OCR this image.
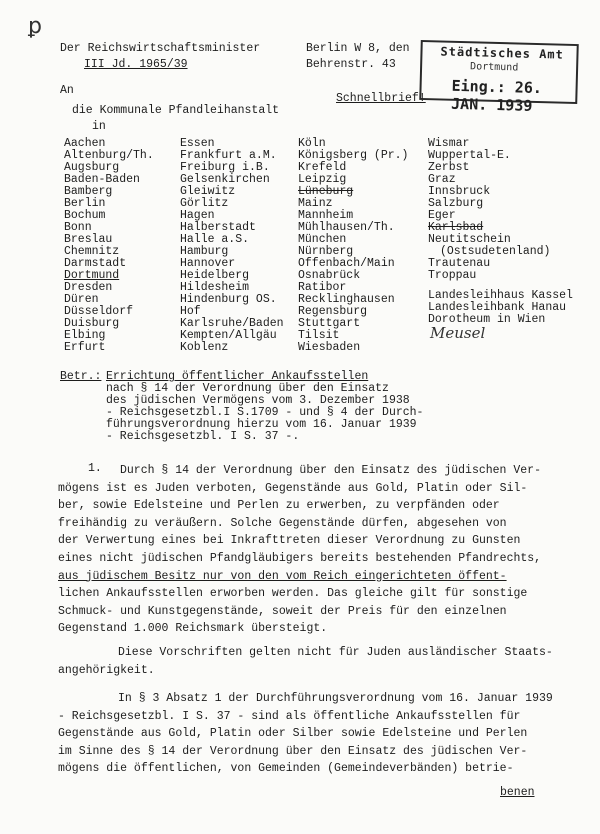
ꝑ
Der Reichswirtschaftsminister
III Jd. 1965/39
Berlin W 8, den
Behrenstr. 43
Städtisches Amt
Dortmund
Eing.: 26. JAN. 1939
An
Schnellbrief!
die Kommunale Pfandleihanstalt
in
Aachen
Altenburg/Th.
Augsburg
Baden-Baden
Bamberg
Berlin
Bochum
Bonn
Breslau
Chemnitz
Darmstadt
Dortmund
Dresden
Düren
Düsseldorf
Duisburg
Elbing
Erfurt
Essen
Frankfurt a.M.
Freiburg i.B.
Gelsenkirchen
Gleiwitz
Görlitz
Hagen
Halberstadt
Halle a.S.
Hamburg
Hannover
Heidelberg
Hildesheim
Hindenburg OS.
Hof
Karlsruhe/Baden
Kempten/Allgäu
Koblenz
Köln
Königsberg (Pr.)
Krefeld
Leipzig
Lüneburg
Mainz
Mannheim
Mühlhausen/Th.
München
Nürnberg
Offenbach/Main
Osnabrück
Ratibor
Recklinghausen
Regensburg
Stuttgart
Tilsit
Wiesbaden
Wismar
Wuppertal-E.
Zerbst
Graz
Innsbruck
Salzburg
Eger
Karlsbad
Neutitschein
(Ostsudetenland)
Trautenau
Troppau
Landesleihhaus Kassel
Landesleihbank Hanau
Dorotheum in Wien
Meusel
Betr.: Errichtung öffentlicher Ankaufsstellen
nach § 14 der Verordnung über den Einsatz
des jüdischen Vermögens vom 3. Dezember 1938
- Reichsgesetzbl.I S.1709 - und § 4 der Durch-
führungsverordnung hierzu vom 16. Januar 1939
- Reichsgesetzbl. I S. 37 -.
1.	Durch § 14 der Verordnung über den Einsatz des jüdischen Ver-

mögens ist es Juden verboten, Gegenstände aus Gold, Platin oder Sil-

ber, sowie Edelsteine und Perlen zu erwerben, zu verpfänden oder

freihändig zu veräußern. Solche Gegenstände dürfen, abgesehen von

der Verwertung eines bei Inkrafttreten dieser Verordnung zu Gunsten

eines nicht jüdischen Pfandgläubigers bereits bestehenden Pfandrechts,

aus jüdischem Besitz nur von den vom Reich eingerichteten öffent-

lichen Ankaufsstellen erworben werden. Das gleiche gilt für sonstige

Schmuck- und Kunstgegenstände, soweit der Preis für den einzelnen

Gegenstand 1.000 Reichsmark übersteigt.

Diese Vorschriften gelten nicht für Juden ausländischer Staats-

angehörigkeit.

In § 3 Absatz 1 der Durchführungsverordnung vom 16. Januar 1939

- Reichsgesetzbl. I S. 37 - sind als öffentliche Ankaufsstellen für

Gegenstände aus Gold, Platin oder Silber sowie Edelsteine und Perlen

im Sinne des § 14 der Verordnung über den Einsatz des jüdischen Ver-

mögens die öffentlichen, von Gemeinden (Gemeindeverbänden) betrie-

benen
